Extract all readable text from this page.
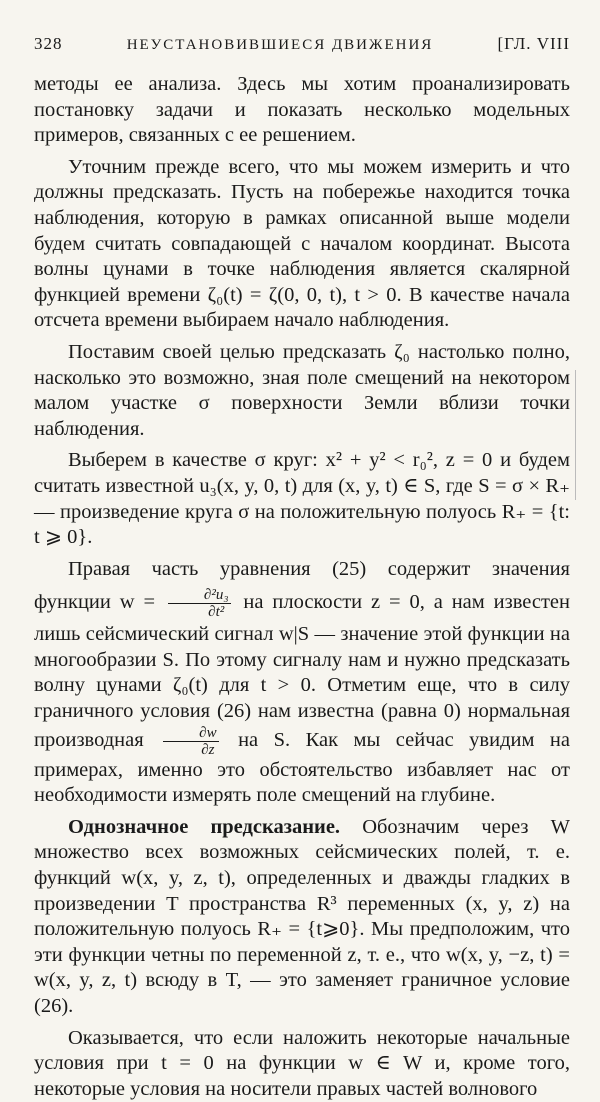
328	НЕУСТАНОВИВШИЕСЯ ДВИЖЕНИЯ	[ГЛ. VIII

методы ее анализа. Здесь мы хотим проанализировать постановку задачи и показать несколько модельных примеров, связанных с ее решением.

Уточним прежде всего, что мы можем измерить и что должны предсказать. Пусть на побережье находится точка наблюдения, которую в рамках описанной выше модели будем считать совпадающей с началом координат. Высота волны цунами в точке наблюдения является скалярной функцией времени ζ₀(t) = ζ(0, 0, t), t > 0. В качестве начала отсчета времени выбираем начало наблюдения.

Поставим своей целью предсказать ζ₀ настолько полно, насколько это возможно, зная поле смещений на некотором малом участке σ поверхности Земли вблизи точки наблюдения.

Выберем в качестве σ круг: x² + y² < r₀², z = 0 и будем считать известной u₃(x, y, 0, t) для (x, y, t) ∈ S, где S = σ × R₊ — произведение круга σ на положительную полуось R₊ = {t: t ⩾ 0}.

Правая часть уравнения (25) содержит значения функции $w = \frac{\text{∂²u₃}}{\text{∂t²}}$ на плоскости z = 0, а нам известен лишь сейсмический сигнал w|S — значение этой функции на многообразии S. По этому сигналу нам и нужно предсказать волну цунами ζ₀(t) для t > 0. Отметим еще, что в силу граничного условия (26) нам известна (равна 0) нормальная производная $\frac{\partial w}{\partial z}$ на S. Как мы сейчас увидим на примерах, именно это обстоятельство избавляет нас от необходимости измерять поле смещений на глубине.

Однозначное предсказание. Обозначим через W множество всех возможных сейсмических полей, т. е. функций w(x, y, z, t), определенных и дважды гладких в произведении T пространства R³ переменных (x, y, z) на положительную полуось R₊ = {t⩾0}. Мы предположим, что эти функции четны по переменной z, т. е., что w(x, y, −z, t) = w(x, y, z, t) всюду в T, — это заменяет граничное условие (26).

Оказывается, что если наложить некоторые начальные условия при t = 0 на функции w ∈ W и, кроме того, некоторые условия на носители правых частей волнового
